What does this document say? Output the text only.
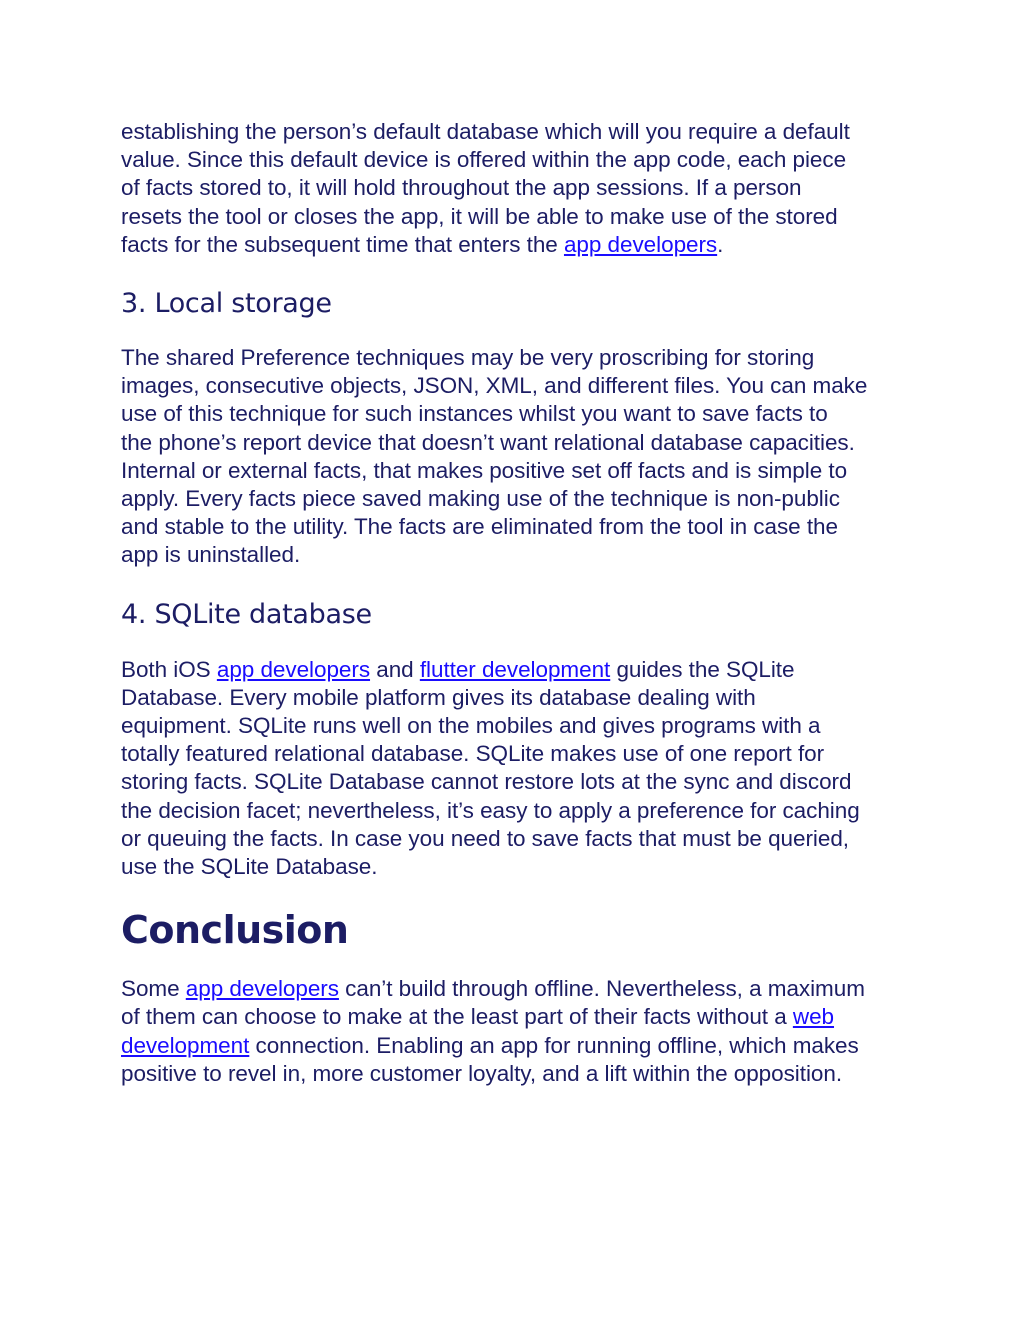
establishing the person’s default database which will you require a default
value. Since this default device is offered within the app code, each piece
of facts stored to, it will hold throughout the app sessions. If a person
resets the tool or closes the app, it will be able to make use of the stored
facts for the subsequent time that enters the app developers.

3. Local storage

The shared Preference techniques may be very proscribing for storing
images, consecutive objects, JSON, XML, and different files. You can make
use of this technique for such instances whilst you want to save facts to
the phone’s report device that doesn’t want relational database capacities.
Internal or external facts, that makes positive set off facts and is simple to
apply. Every facts piece saved making use of the technique is non-public
and stable to the utility. The facts are eliminated from the tool in case the
app is uninstalled.

4. SQLite database

Both iOS app developers and flutter development guides the SQLite
Database. Every mobile platform gives its database dealing with
equipment. SQLite runs well on the mobiles and gives programs with a
totally featured relational database. SQLite makes use of one report for
storing facts. SQLite Database cannot restore lots at the sync and discord
the decision facet; nevertheless, it’s easy to apply a preference for caching
or queuing the facts. In case you need to save facts that must be queried,
use the SQLite Database.

Conclusion

Some app developers can’t build through offline. Nevertheless, a maximum
of them can choose to make at the least part of their facts without a web
development connection. Enabling an app for running offline, which makes
positive to revel in, more customer loyalty, and a lift within the opposition.
